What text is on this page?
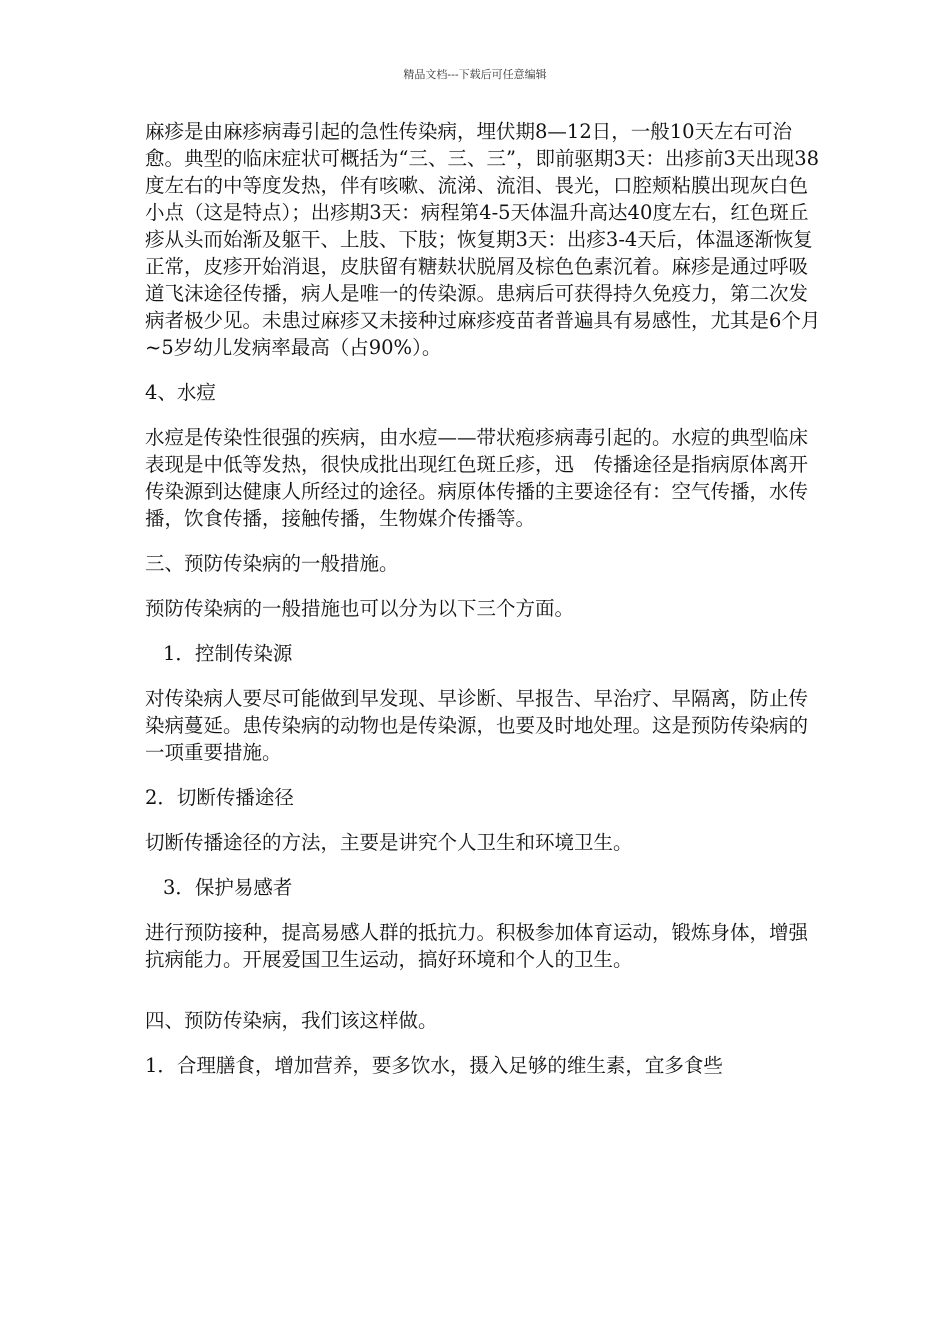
精品文档---下载后可任意编辑

麻疹是由麻疹病毒引起的急性传染病，埋伏期8—12日，一般10天左右可治愈。典型的临床症状可概括为“三、三、三”，即前驱期3天：出疹前3天出现38度左右的中等度发热，伴有咳嗽、流涕、流泪、畏光，口腔颊粘膜出现灰白色小点（这是特点）；出疹期3天：病程第4-5天体温升高达40度左右，红色斑丘疹从头而始渐及躯干、上肢、下肢；恢复期3天：出疹3-4天后，体温逐渐恢复正常，皮疹开始消退，皮肤留有糖麸状脱屑及棕色色素沉着。麻疹是通过呼吸道飞沫途径传播，病人是唯一的传染源。患病后可获得持久免疫力，第二次发病者极少见。未患过麻疹又未接种过麻疹疫苗者普遍具有易感性，尤其是6个月~5岁幼儿发病率最高（占90%）。

4、水痘

水痘是传染性很强的疾病，由水痘——带状疱疹病毒引起的。水痘的典型临床表现是中低等发热，很快成批出现红色斑丘疹，迅　传播途径是指病原体离开传染源到达健康人所经过的途径。病原体传播的主要途径有：空气传播，水传播，饮食传播，接触传播，生物媒介传播等。

三、预防传染病的一般措施。

预防传染病的一般措施也可以分为以下三个方面。

1．控制传染源

对传染病人要尽可能做到早发现、早诊断、早报告、早治疗、早隔离，防止传染病蔓延。患传染病的动物也是传染源，也要及时地处理。这是预防传染病的一项重要措施。

2．切断传播途径

切断传播途径的方法，主要是讲究个人卫生和环境卫生。

3．保护易感者

进行预防接种，提高易感人群的抵抗力。积极参加体育运动，锻炼身体，增强抗病能力。开展爱国卫生运动，搞好环境和个人的卫生。

四、预防传染病，我们该这样做。

1．合理膳食，增加营养，要多饮水，摄入足够的维生素，宜多食些
